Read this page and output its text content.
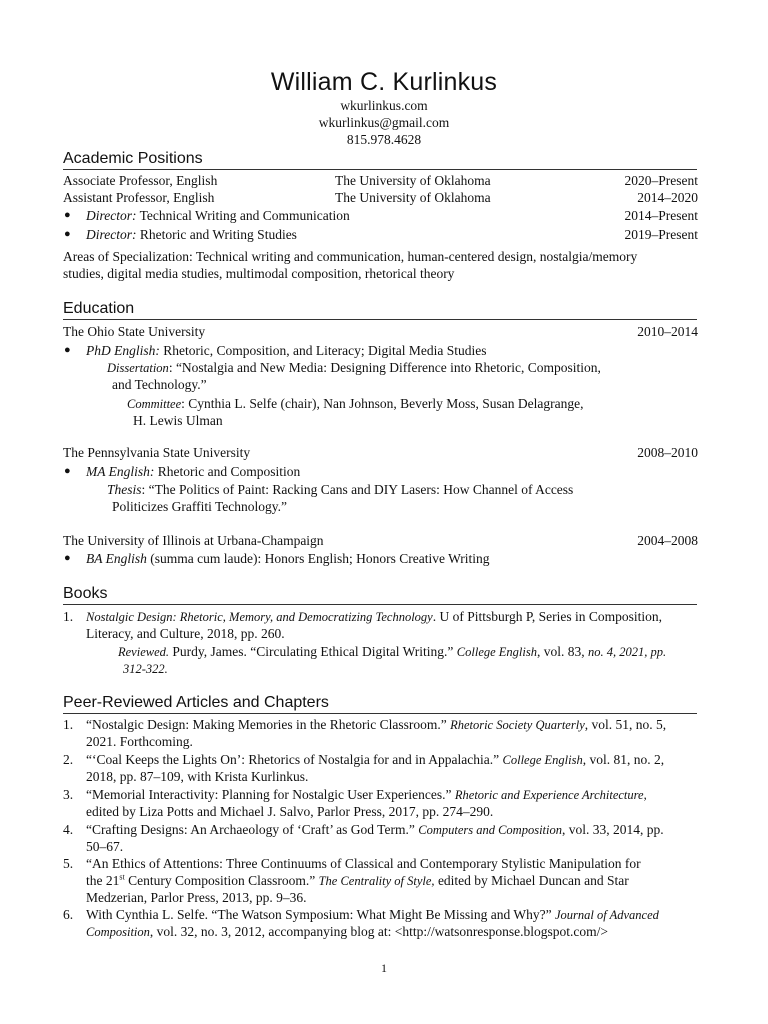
William C. Kurlinkus
wkurlinkus.com
wkurlinkus@gmail.com
815.978.4628
Academic Positions
Associate Professor, English	The University of Oklahoma	2020–Present
Assistant Professor, English	The University of Oklahoma	2014–2020
● Director: Technical Writing and Communication	2014–Present
● Director: Rhetoric and Writing Studies	2019–Present
Areas of Specialization: Technical writing and communication, human-centered design, nostalgia/memory
studies, digital media studies, multimodal composition, rhetorical theory
Education
The Ohio State University	2010–2014
● PhD English: Rhetoric, Composition, and Literacy; Digital Media Studies
Dissertation: “Nostalgia and New Media: Designing Difference into Rhetoric, Composition,
and Technology.”
Committee: Cynthia L. Selfe (chair), Nan Johnson, Beverly Moss, Susan Delagrange,
H. Lewis Ulman
The Pennsylvania State University	2008–2010
● MA English: Rhetoric and Composition
Thesis: “The Politics of Paint: Racking Cans and DIY Lasers: How Channel of Access
Politicizes Graffiti Technology.”
The University of Illinois at Urbana-Champaign	2004–2008
● BA English (summa cum laude): Honors English; Honors Creative Writing
Books
1. Nostalgic Design: Rhetoric, Memory, and Democratizing Technology. U of Pittsburgh P, Series in Composition,
Literacy, and Culture, 2018, pp. 260.
Reviewed. Purdy, James. “Circulating Ethical Digital Writing.” College English, vol. 83, no. 4, 2021, pp.
312-322.
Peer-Reviewed Articles and Chapters
1. “Nostalgic Design: Making Memories in the Rhetoric Classroom.” Rhetoric Society Quarterly, vol. 51, no. 5,
2021. Forthcoming.
2. “‘Coal Keeps the Lights On’: Rhetorics of Nostalgia for and in Appalachia.” College English, vol. 81, no. 2,
2018, pp. 87–109, with Krista Kurlinkus.
3. “Memorial Interactivity: Planning for Nostalgic User Experiences.” Rhetoric and Experience Architecture,
edited by Liza Potts and Michael J. Salvo, Parlor Press, 2017, pp. 274–290.
4. “Crafting Designs: An Archaeology of ‘Craft’ as God Term.” Computers and Composition, vol. 33, 2014, pp.
50–67.
5. “An Ethics of Attentions: Three Continuums of Classical and Contemporary Stylistic Manipulation for
the 21st Century Composition Classroom.” The Centrality of Style, edited by Michael Duncan and Star
Medzerian, Parlor Press, 2013, pp. 9–36.
6. With Cynthia L. Selfe. “The Watson Symposium: What Might Be Missing and Why?” Journal of Advanced
Composition, vol. 32, no. 3, 2012, accompanying blog at: <http://watsonresponse.blogspot.com/>
1
